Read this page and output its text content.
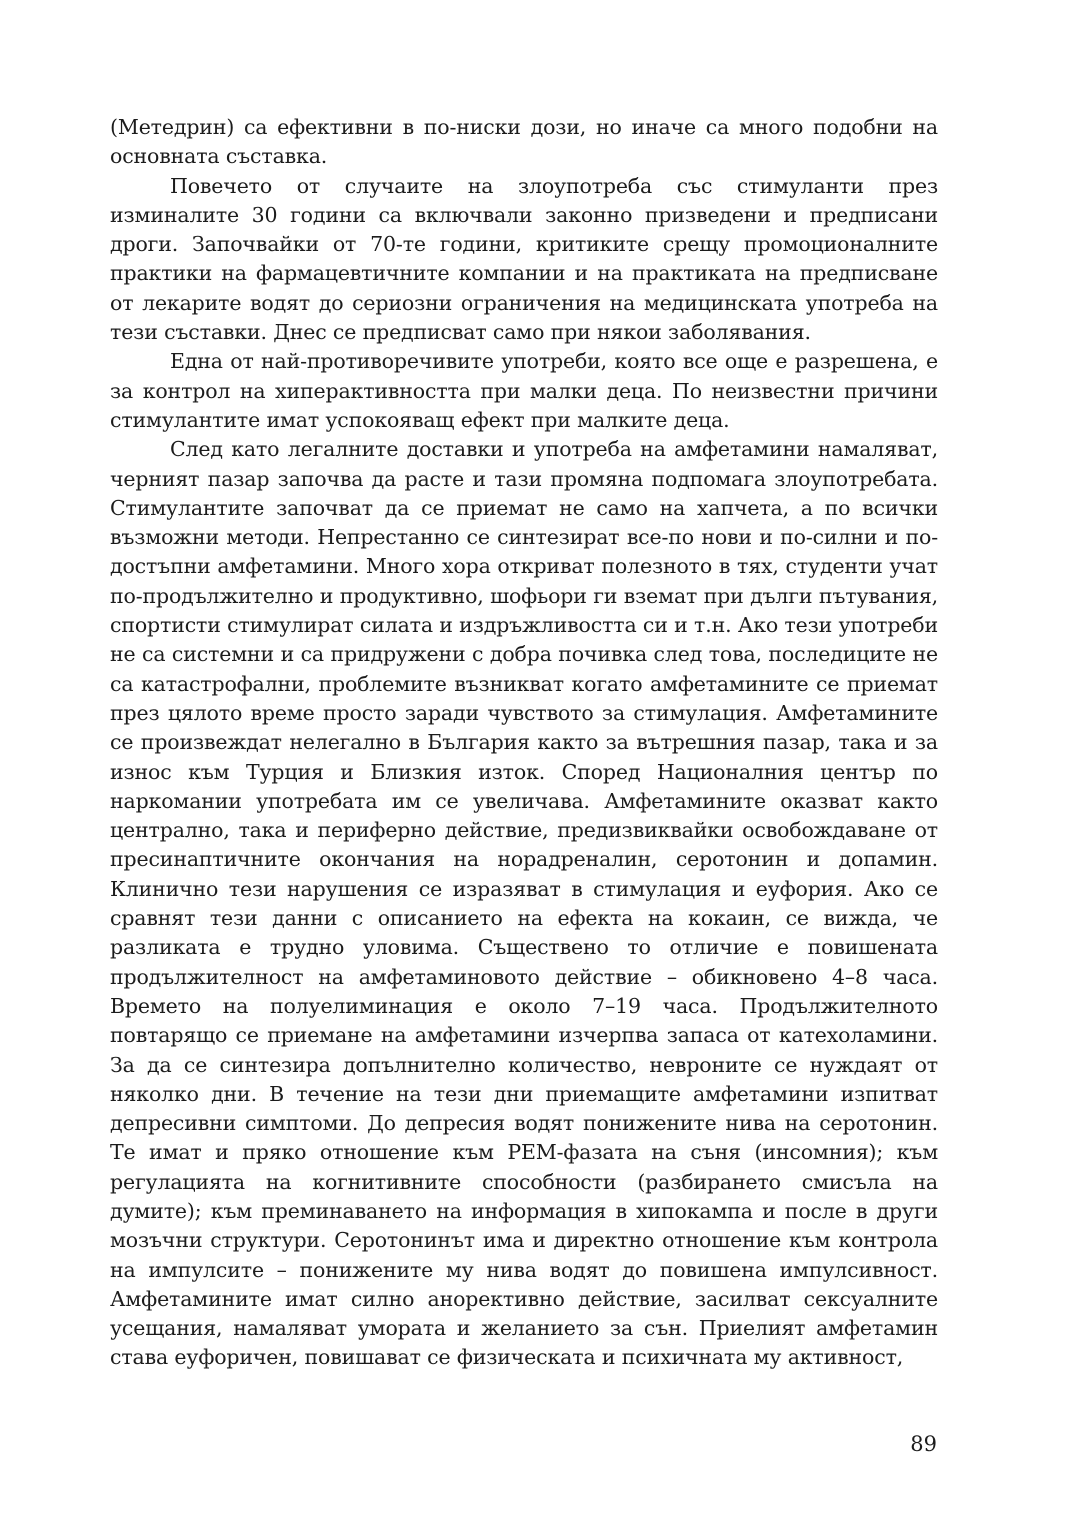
(Метедрин) са ефективни в по-ниски дози, но иначе са много подобни на основната съставка.

Повечето от случаите на злоупотреба със стимуланти през изминалите 30 години са включвали законно призведени и предписани дроги. Започвайки от 70-те години, критиките срещу промоционалните практики на фармацевтичните компании и на практиката на предписване от лекарите водят до сериозни ограничения на медицинската употреба на тези съставки. Днес се предписват само при някои заболявания.

Една от най-противоречивите употреби, която все още е разрешена, е за контрол на хиперактивността при малки деца. По неизвестни причини стимулантите имат успокояващ ефект при малките деца.

След като легалните доставки и употреба на амфетамини намаляват, черният пазар започва да расте и тази промяна подпомага злоупотребата. Стимулантите започват да се приемат не само на хапчета, а по всички възможни методи. Непрестанно се синтезират все-по нови и по-силни и по-достъпни амфетамини. Много хора откриват полезното в тях, студенти учат по-продължително и продуктивно, шофьори ги вземат при дълги пътувания, спортисти стимулират силата и издръжливостта си и т.н. Ако тези употреби не са системни и са придружени с добра почивка след това, последиците не са катастрофални, проблемите възникват когато амфетамините се приемат през цялото време просто заради чувството за стимулация. Амфетамините се произвеждат нелегално в България както за вътрешния пазар, така и за износ към Турция и Близкия изток. Според Националния център по наркомании употребата им се увеличава. Амфетамините оказват както централно, така и периферно действие, предизвиквайки освобождаване от пресинаптичните окончания на норадреналин, серотонин и допамин. Клинично тези нарушения се изразяват в стимулация и еуфория. Ако се сравнят тези данни с описанието на ефекта на кокаин, се вижда, че разликата е трудно уловима. Съществено то отличие е повишената продължителност на амфетаминовото действие – обикновено 4–8 часа. Времето на полуелиминация е около 7–19 часа. Продължителното повтарящо се приемане на амфетамини изчерпва запаса от катехоламини. За да се синтезира допълнително количество, невроните се нуждаят от няколко дни. В течение на тези дни приемащите амфетамини изпитват депресивни симптоми. До депресия водят понижените нива на серотонин. Те имат и пряко отношение към РЕМ-фазата на съня (инсомния); към регулацията на когнитивните способности (разбирането смисъла на думите); към преминаването на информация в хипокампа и после в други мозъчни структури. Серотонинът има и директно отношение към контрола на импулсите – понижените му нива водят до повишена импулсивност. Амфетамините имат силно анорективно действие, засилват сексуалните усещания, намаляват умората и желанието за сън. Приелият амфетамин става еуфоричен, повишават се физическата и психичната му активност,

89
